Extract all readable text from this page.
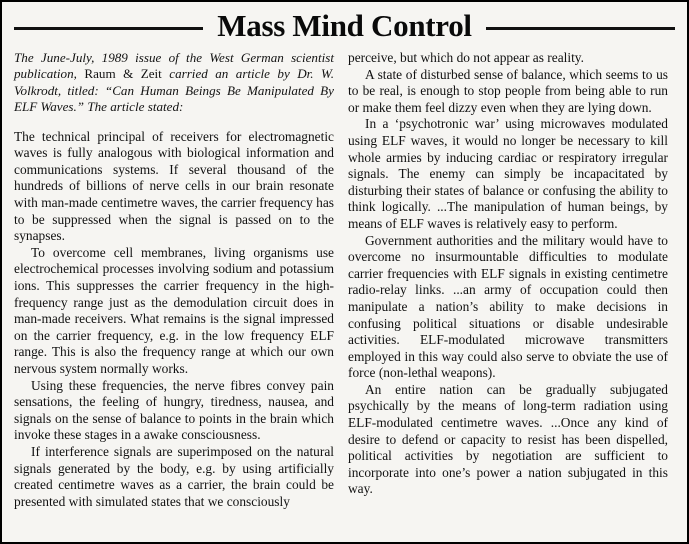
Mass Mind Control

The June-July, 1989 issue of the West German scientist publication, Raum & Zeit carried an article by Dr. W. Volkrodt, titled: “Can Human Beings Be Manipulated By ELF Waves.” The article stated:

The technical principal of receivers for electromagnetic waves is fully analogous with biological information and communications systems. If several thousand of the hundreds of billions of nerve cells in our brain resonate with man-made centimetre waves, the carrier frequency has to be suppressed when the signal is passed on to the synapses.

To overcome cell membranes, living organisms use electrochemical processes involving sodium and potassium ions. This suppresses the carrier frequency in the high-frequency range just as the demodulation circuit does in man-made receivers. What remains is the signal impressed on the carrier frequency, e.g. in the low frequency ELF range. This is also the frequency range at which our own nervous system normally works.

Using these frequencies, the nerve fibres convey pain sensations, the feeling of hungry, tiredness, nausea, and signals on the sense of balance to points in the brain which invoke these stages in a awake consciousness.

If interference signals are superimposed on the natural signals generated by the body, e.g. by using artificially created centimetre waves as a carrier, the brain could be presented with simulated states that we consciously

perceive, but which do not appear as reality.

A state of disturbed sense of balance, which seems to us to be real, is enough to stop people from being able to run or make them feel dizzy even when they are lying down.

In a ‘psychotronic war’ using microwaves modulated using ELF waves, it would no longer be necessary to kill whole armies by inducing cardiac or respiratory irregular signals. The enemy can simply be incapacitated by disturbing their states of balance or confusing the ability to think logically. ...The manipulation of human beings, by means of ELF waves is relatively easy to perform.

Government authorities and the military would have to overcome no insurmountable difficulties to modulate carrier frequencies with ELF signals in existing centimetre radio-relay links. ...an army of occupation could then manipulate a nation’s ability to make decisions in confusing political situations or disable undesirable activities. ELF-modulated microwave transmitters employed in this way could also serve to obviate the use of force (non-lethal weapons).

An entire nation can be gradually subjugated psychically by the means of long-term radiation using ELF-modulated centimetre waves. ...Once any kind of desire to defend or capacity to resist has been dispelled, political activities by negotiation are sufficient to incorporate into one’s power a nation subjugated in this way.
